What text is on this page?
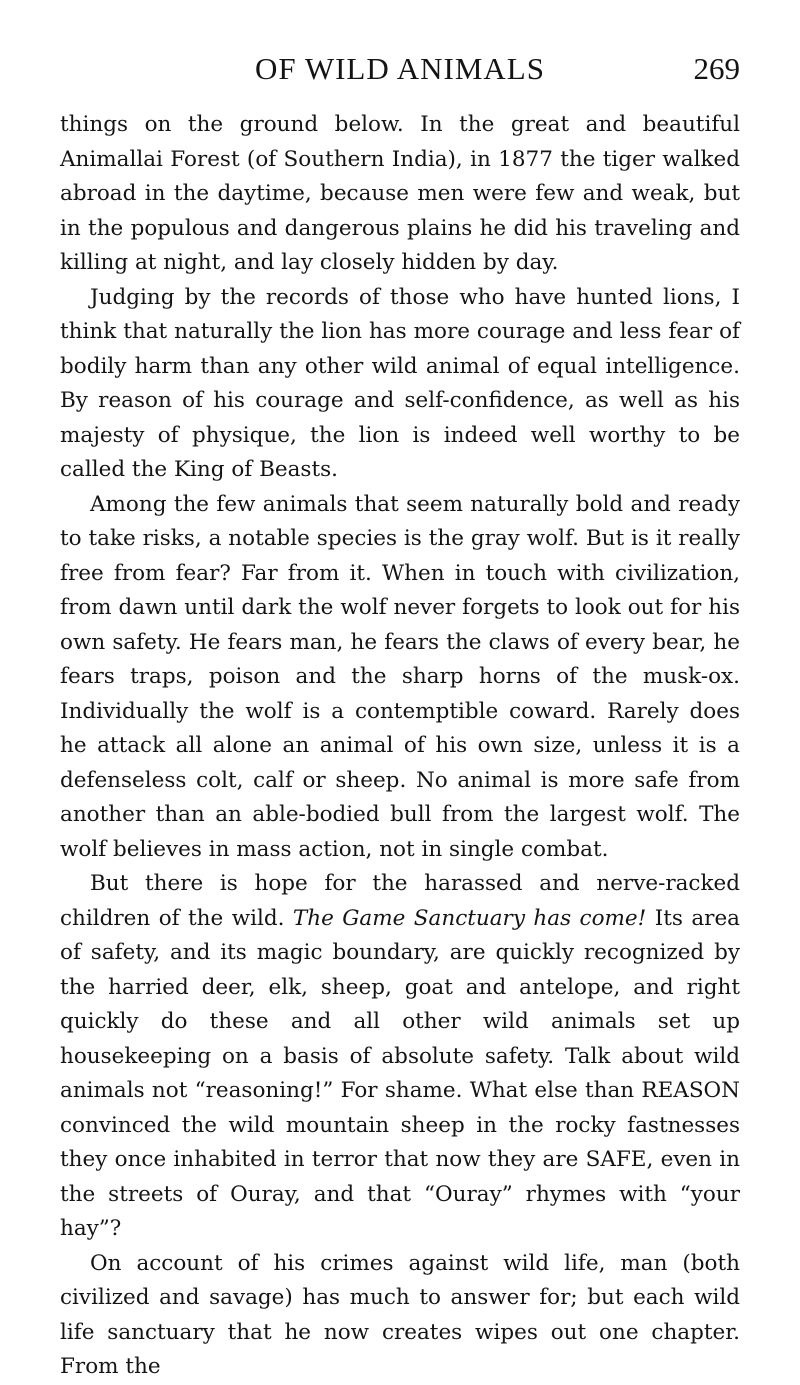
OF WILD ANIMALS	269

things on the ground below. In the great and beautiful Animallai Forest (of Southern India), in 1877 the tiger walked abroad in the daytime, because men were few and weak, but in the populous and dangerous plains he did his traveling and killing at night, and lay closely hidden by day.

Judging by the records of those who have hunted lions, I think that naturally the lion has more courage and less fear of bodily harm than any other wild animal of equal intelligence. By reason of his courage and self-confidence, as well as his majesty of physique, the lion is indeed well worthy to be called the King of Beasts.

Among the few animals that seem naturally bold and ready to take risks, a notable species is the gray wolf. But is it really free from fear? Far from it. When in touch with civilization, from dawn until dark the wolf never forgets to look out for his own safety. He fears man, he fears the claws of every bear, he fears traps, poison and the sharp horns of the musk-ox. Individually the wolf is a contemptible coward. Rarely does he attack all alone an animal of his own size, unless it is a defenseless colt, calf or sheep. No animal is more safe from another than an able-bodied bull from the largest wolf. The wolf believes in mass action, not in single combat.

But there is hope for the harassed and nerve-racked children of the wild. The Game Sanctuary has come! Its area of safety, and its magic boundary, are quickly recognized by the harried deer, elk, sheep, goat and antelope, and right quickly do these and all other wild animals set up housekeeping on a basis of absolute safety. Talk about wild animals not “reasoning!” For shame. What else than REASON convinced the wild mountain sheep in the rocky fastnesses they once inhabited in terror that now they are SAFE, even in the streets of Ouray, and that “Ouray” rhymes with “your hay”?

On account of his crimes against wild life, man (both civilized and savage) has much to answer for; but each wild life sanctuary that he now creates wipes out one chapter. From the
